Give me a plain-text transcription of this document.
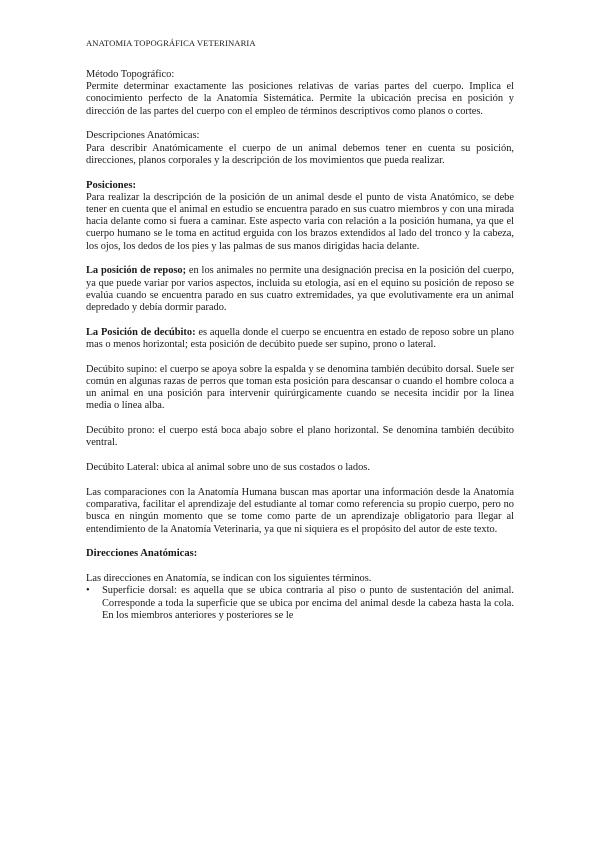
ANATOMIA TOPOGRÁFICA VETERINARIA

Método Topográfico:

Permite determinar exactamente las posiciones relativas de varias partes del cuerpo. Implica el conocimiento perfecto de la Anatomía Sistemática. Permite la ubicación precisa en posición y dirección de las partes del cuerpo con el empleo de términos descriptivos como planos o cortes.

Descripciones Anatómicas:

Para describir Anatómicamente el cuerpo de un animal debemos tener en cuenta su posición, direcciones, planos corporales y la descripción de los movimientos que pueda realizar.

Posiciones:

Para realizar la descripción de la posición de un animal desde el punto de vista Anatómico, se debe tener en cuenta que el animal en estudio se encuentra parado en sus cuatro miembros y con una mirada hacia delante como si fuera a caminar. Este aspecto varia con relación a la posición humana, ya que el cuerpo humano se le toma en actitud erguida con los brazos extendidos al lado del tronco y la cabeza, los ojos, los dedos de los pies y las palmas de sus manos dirigidas hacia delante.

La posición de reposo; en los animales no permite una designación precisa en la posición del cuerpo, ya que puede variar por varios aspectos, incluida su etología, así en el equino su posición de reposo se evalúa cuando se encuentra parado en sus cuatro extremidades, ya que evolutivamente era un animal depredado y debía dormir parado.

La Posición de decúbito: es aquella donde el cuerpo se encuentra en estado de reposo sobre un plano mas o menos horizontal; esta posición de decúbito puede ser supino, prono o lateral.

Decúbito supino: el cuerpo se apoya sobre la espalda y se denomina también decúbito dorsal. Suele ser común en algunas razas de perros que toman esta posición para descansar o cuando el hombre coloca a un animal en una posición para intervenir quirúrgicamente cuando se necesita incidir por la linea media o línea alba.

Decúbito prono: el cuerpo está boca abajo sobre el plano horizontal. Se denomina también decúbito ventral.

Decúbito Lateral: ubica al animal sobre uno de sus costados o lados.

Las comparaciones con la Anatomía Humana buscan mas aportar una información desde la Anatomía comparativa, facilitar el aprendizaje del estudiante al tomar como referencia su propio cuerpo, pero no busca en ningún momento que se tome como parte de un aprendizaje obligatorio para llegar al entendimiento de la Anatomía Veterinaria, ya que ni siquiera es el propósito del autor de este texto.

Direcciones Anatómicas:

Las direcciones en Anatomía, se indican con los siguientes términos.

•	Superficie dorsal: es aquella que se ubica contraria al piso o punto de sustentación del animal. Corresponde a toda la superficie que se ubica por encima del animal desde la cabeza hasta la cola. En los miembros anteriores y posteriores se le
